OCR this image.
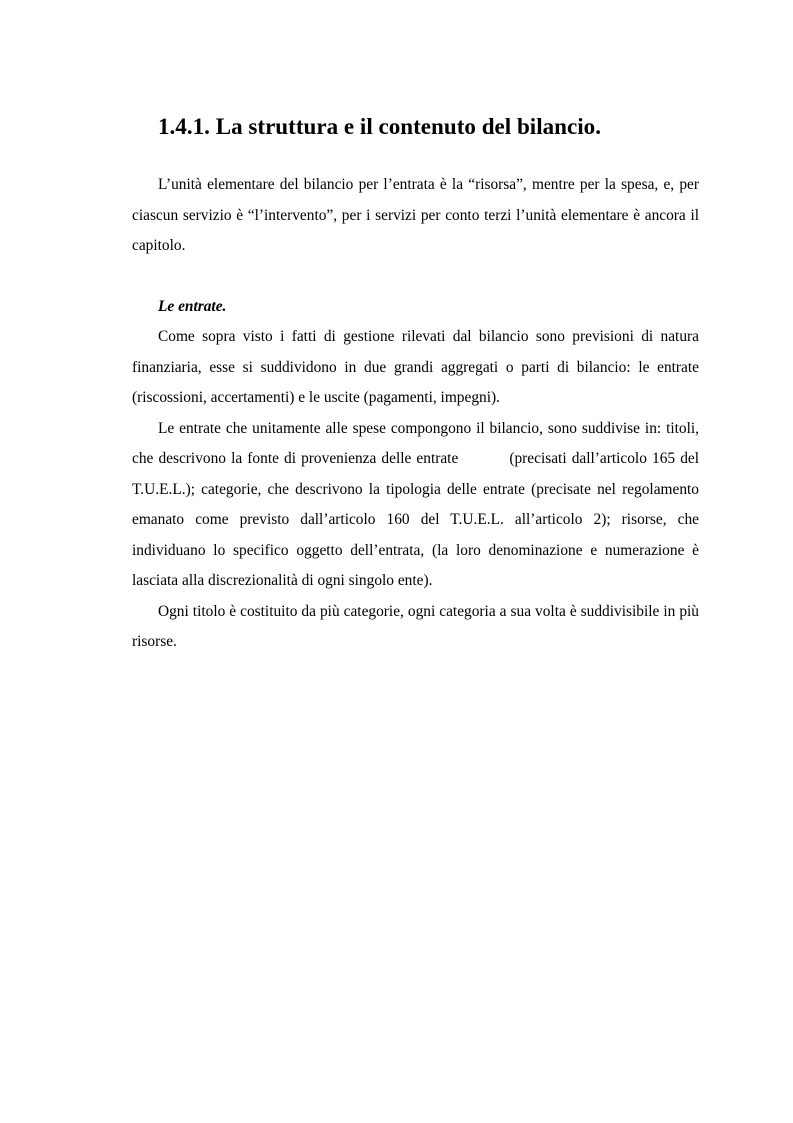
1.4.1. La struttura e il contenuto del bilancio.

L’unità elementare del bilancio per l’entrata è la “risorsa”, mentre per la spesa, e, per ciascun servizio è “l’intervento”, per i servizi per conto terzi l’unità elementare è ancora il capitolo.

Le entrate.

Come sopra visto i fatti di gestione rilevati dal bilancio sono previsioni di natura finanziaria, esse si suddividono in due grandi aggregati o parti di bilancio: le entrate (riscossioni, accertamenti) e le uscite (pagamenti, impegni).

Le entrate che unitamente alle spese compongono il bilancio, sono suddivise in: titoli, che descrivono la fonte di provenienza delle entrate          (precisati dall’articolo 165 del T.U.E.L.); categorie, che descrivono la tipologia delle entrate (precisate nel regolamento emanato come previsto dall’articolo 160 del T.U.E.L. all’articolo 2); risorse, che individuano lo specifico oggetto dell’entrata, (la loro denominazione e numerazione è lasciata alla discrezionalità di ogni singolo ente).

Ogni titolo è costituito da più categorie, ogni categoria a sua volta è suddivisibile in più risorse.
